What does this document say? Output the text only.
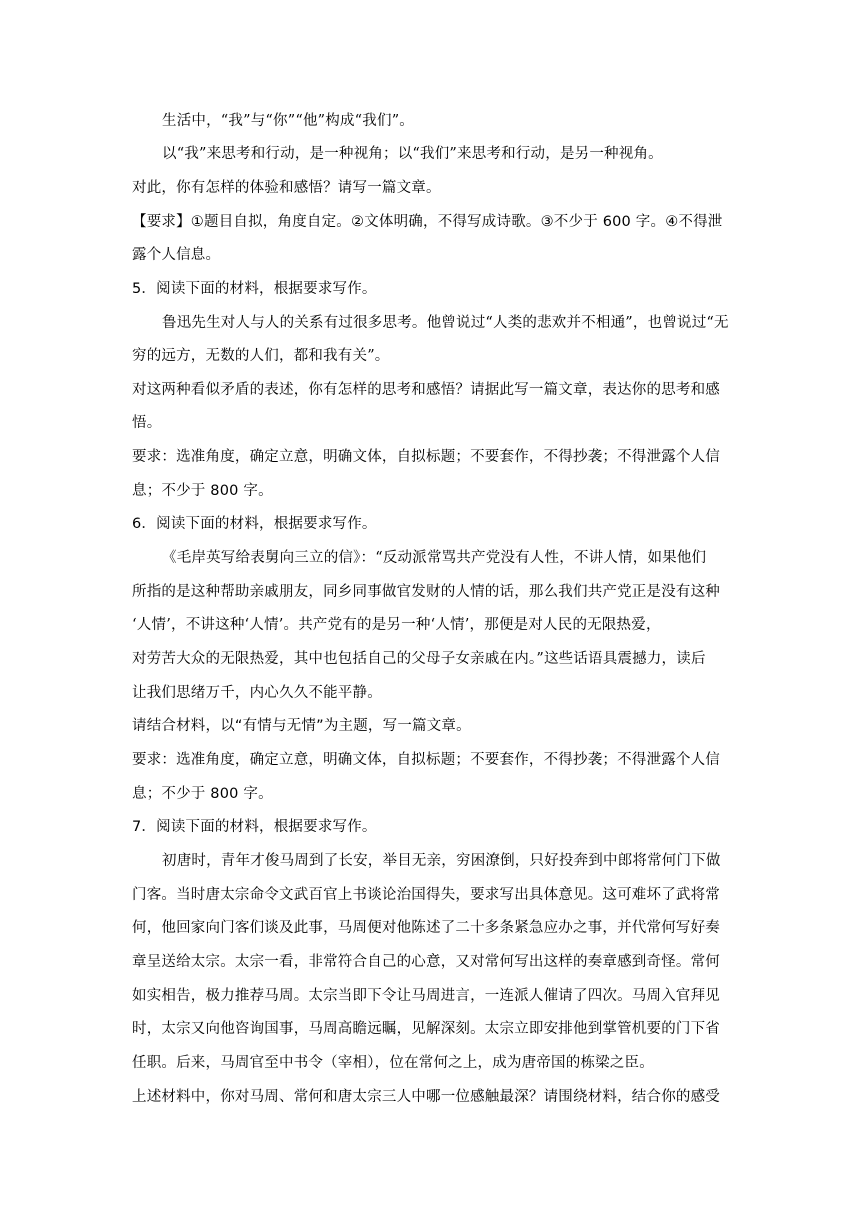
生活中，“我”与“你”“他”构成“我们”。
以“我”来思考和行动，是一种视角；以“我们”来思考和行动，是另一种视角。
对此，你有怎样的体验和感悟？请写一篇文章。
【要求】①题目自拟，角度自定。②文体明确，不得写成诗歌。③不少于 600 字。④不得泄
露个人信息。
5．阅读下面的材料，根据要求写作。
鲁迅先生对人与人的关系有过很多思考。他曾说过“人类的悲欢并不相通”，也曾说过“无
穷的远方，无数的人们，都和我有关”。
对这两种看似矛盾的表述，你有怎样的思考和感悟？请据此写一篇文章，表达你的思考和感
悟。
要求：选准角度，确定立意，明确文体，自拟标题；不要套作，不得抄袭；不得泄露个人信
息；不少于 800 字。
6．阅读下面的材料，根据要求写作。
《毛岸英写给表舅向三立的信》：“反动派常骂共产党没有人性，不讲人情，如果他们
所指的是这种帮助亲戚朋友，同乡同事做官发财的人情的话，那么我们共产党正是没有这种
‘人情’，不讲这种‘人情’。共产党有的是另一种‘人情’，那便是对人民的无限热爱，
对劳苦大众的无限热爱，其中也包括自己的父母子女亲戚在内。”这些话语具震撼力，读后
让我们思绪万千，内心久久不能平静。
请结合材料，以“有情与无情”为主题，写一篇文章。
要求：选准角度，确定立意，明确文体，自拟标题；不要套作，不得抄袭；不得泄露个人信
息；不少于 800 字。
7．阅读下面的材料，根据要求写作。
初唐时，青年才俊马周到了长安，举目无亲，穷困潦倒，只好投奔到中郎将常何门下做
门客。当时唐太宗命令文武百官上书谈论治国得失，要求写出具体意见。这可难坏了武将常
何，他回家向门客们谈及此事，马周便对他陈述了二十多条紧急应办之事，并代常何写好奏
章呈送给太宗。太宗一看，非常符合自己的心意，又对常何写出这样的奏章感到奇怪。常何
如实相告，极力推荐马周。太宗当即下令让马周进言，一连派人催请了四次。马周入官拜见
时，太宗又向他咨询国事，马周高瞻远瞩，见解深刻。太宗立即安排他到掌管机要的门下省
任职。后来，马周官至中书令（宰相），位在常何之上，成为唐帝国的栋梁之臣。
上述材料中，你对马周、常何和唐太宗三人中哪一位感触最深？请围绕材料，结合你的感受
